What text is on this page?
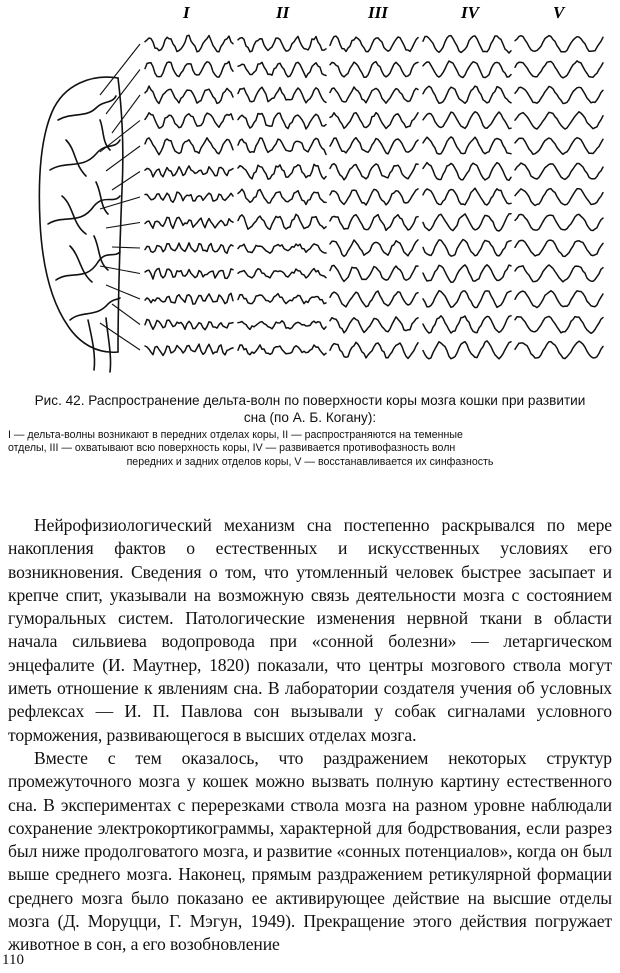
I	II	III	IV	V
Рис. 42. Распространение дельта-волн по поверхности коры мозга кошки при развитии
сна (по А. Б. Когану):
I — дельта-волны возникают в передних отделах коры, II — распространяются на теменные
отделы, III — охватывают всю поверхность коры, IV — развивается противофазность волн
передних и задних отделов коры, V — восстанавливается их синфазность

Нейрофизиологический механизм сна постепенно раскрывался по мере накопления фактов о естественных и искусственных условиях его возникновения. Сведения о том, что утомленный человек быстрее засыпает и крепче спит, указывали на возможную связь деятельности мозга с состоянием гуморальных систем. Патологические изменения нервной ткани в области начала сильвиева водопровода при «сонной болезни» — летаргическом энцефалите (И. Маутнер, 1820) показали, что центры мозгового ствола могут иметь отношение к явлениям сна. В лаборатории создателя учения об условных рефлексах — И. П. Павлова сон вызывали у собак сигналами условного торможения, развивающегося в высших отделах мозга.

Вместе с тем оказалось, что раздражением некоторых структур промежуточного мозга у кошек можно вызвать полную картину естественного сна. В экспериментах с перерезками ствола мозга на разном уровне наблюдали сохранение электрокортикограммы, характерной для бодрствования, если разрез был ниже продолговатого мозга, и развитие «сонных потенциалов», когда он был выше среднего мозга. Наконец, прямым раздражением ретикулярной формации среднего мозга было показано ее активирующее действие на высшие отделы мозга (Д. Моруцци, Г. Мэгун, 1949). Прекращение этого действия погружает животное в сон, а его возобновление

110
